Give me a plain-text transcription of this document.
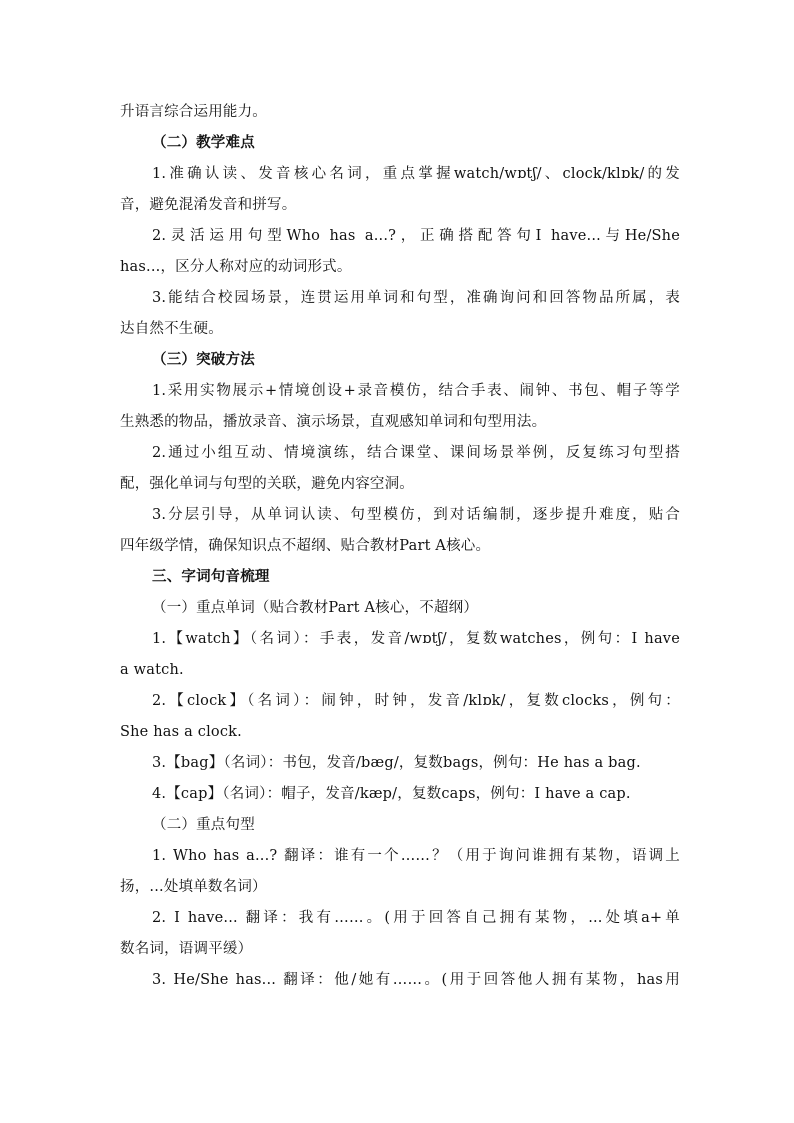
升语言综合运用能力。
（二）教学难点
1.准确认读、发音核心名词，重点掌握watch/wɒtʃ/、clock/klɒk/的发
音，避免混淆发音和拼写。
2.灵活运用句型Who has a...?，正确搭配答句I have...与He/She
has...，区分人称对应的动词形式。
3.能结合校园场景，连贯运用单词和句型，准确询问和回答物品所属，表
达自然不生硬。
（三）突破方法
1.采用实物展示+情境创设+录音模仿，结合手表、闹钟、书包、帽子等学
生熟悉的物品，播放录音、演示场景，直观感知单词和句型用法。
2.通过小组互动、情境演练，结合课堂、课间场景举例，反复练习句型搭
配，强化单词与句型的关联，避免内容空洞。
3.分层引导，从单词认读、句型模仿，到对话编制，逐步提升难度，贴合
四年级学情，确保知识点不超纲、贴合教材Part A核心。
三、字词句音梳理
（一）重点单词（贴合教材Part A核心，不超纲）
1.【watch】（名词）：手表，发音/wɒtʃ/，复数watches，例句：I have
a watch.
2.【clock】（名词）：闹钟，时钟，发音/klɒk/，复数clocks，例句：
She has a clock.
3.【bag】（名词）：书包，发音/bæg/，复数bags，例句：He has a bag.
4.【cap】（名词）：帽子，发音/kæp/，复数caps，例句：I have a cap.
（二）重点句型
1. Who has a...? 翻译：谁有一个……？（用于询问谁拥有某物，语调上
扬，...处填单数名词）
2. I have... 翻译：我有……。(用于回答自己拥有某物，...处填a+单
数名词，语调平缓）
3. He/She has... 翻译：他/她有……。(用于回答他人拥有某物，has用
